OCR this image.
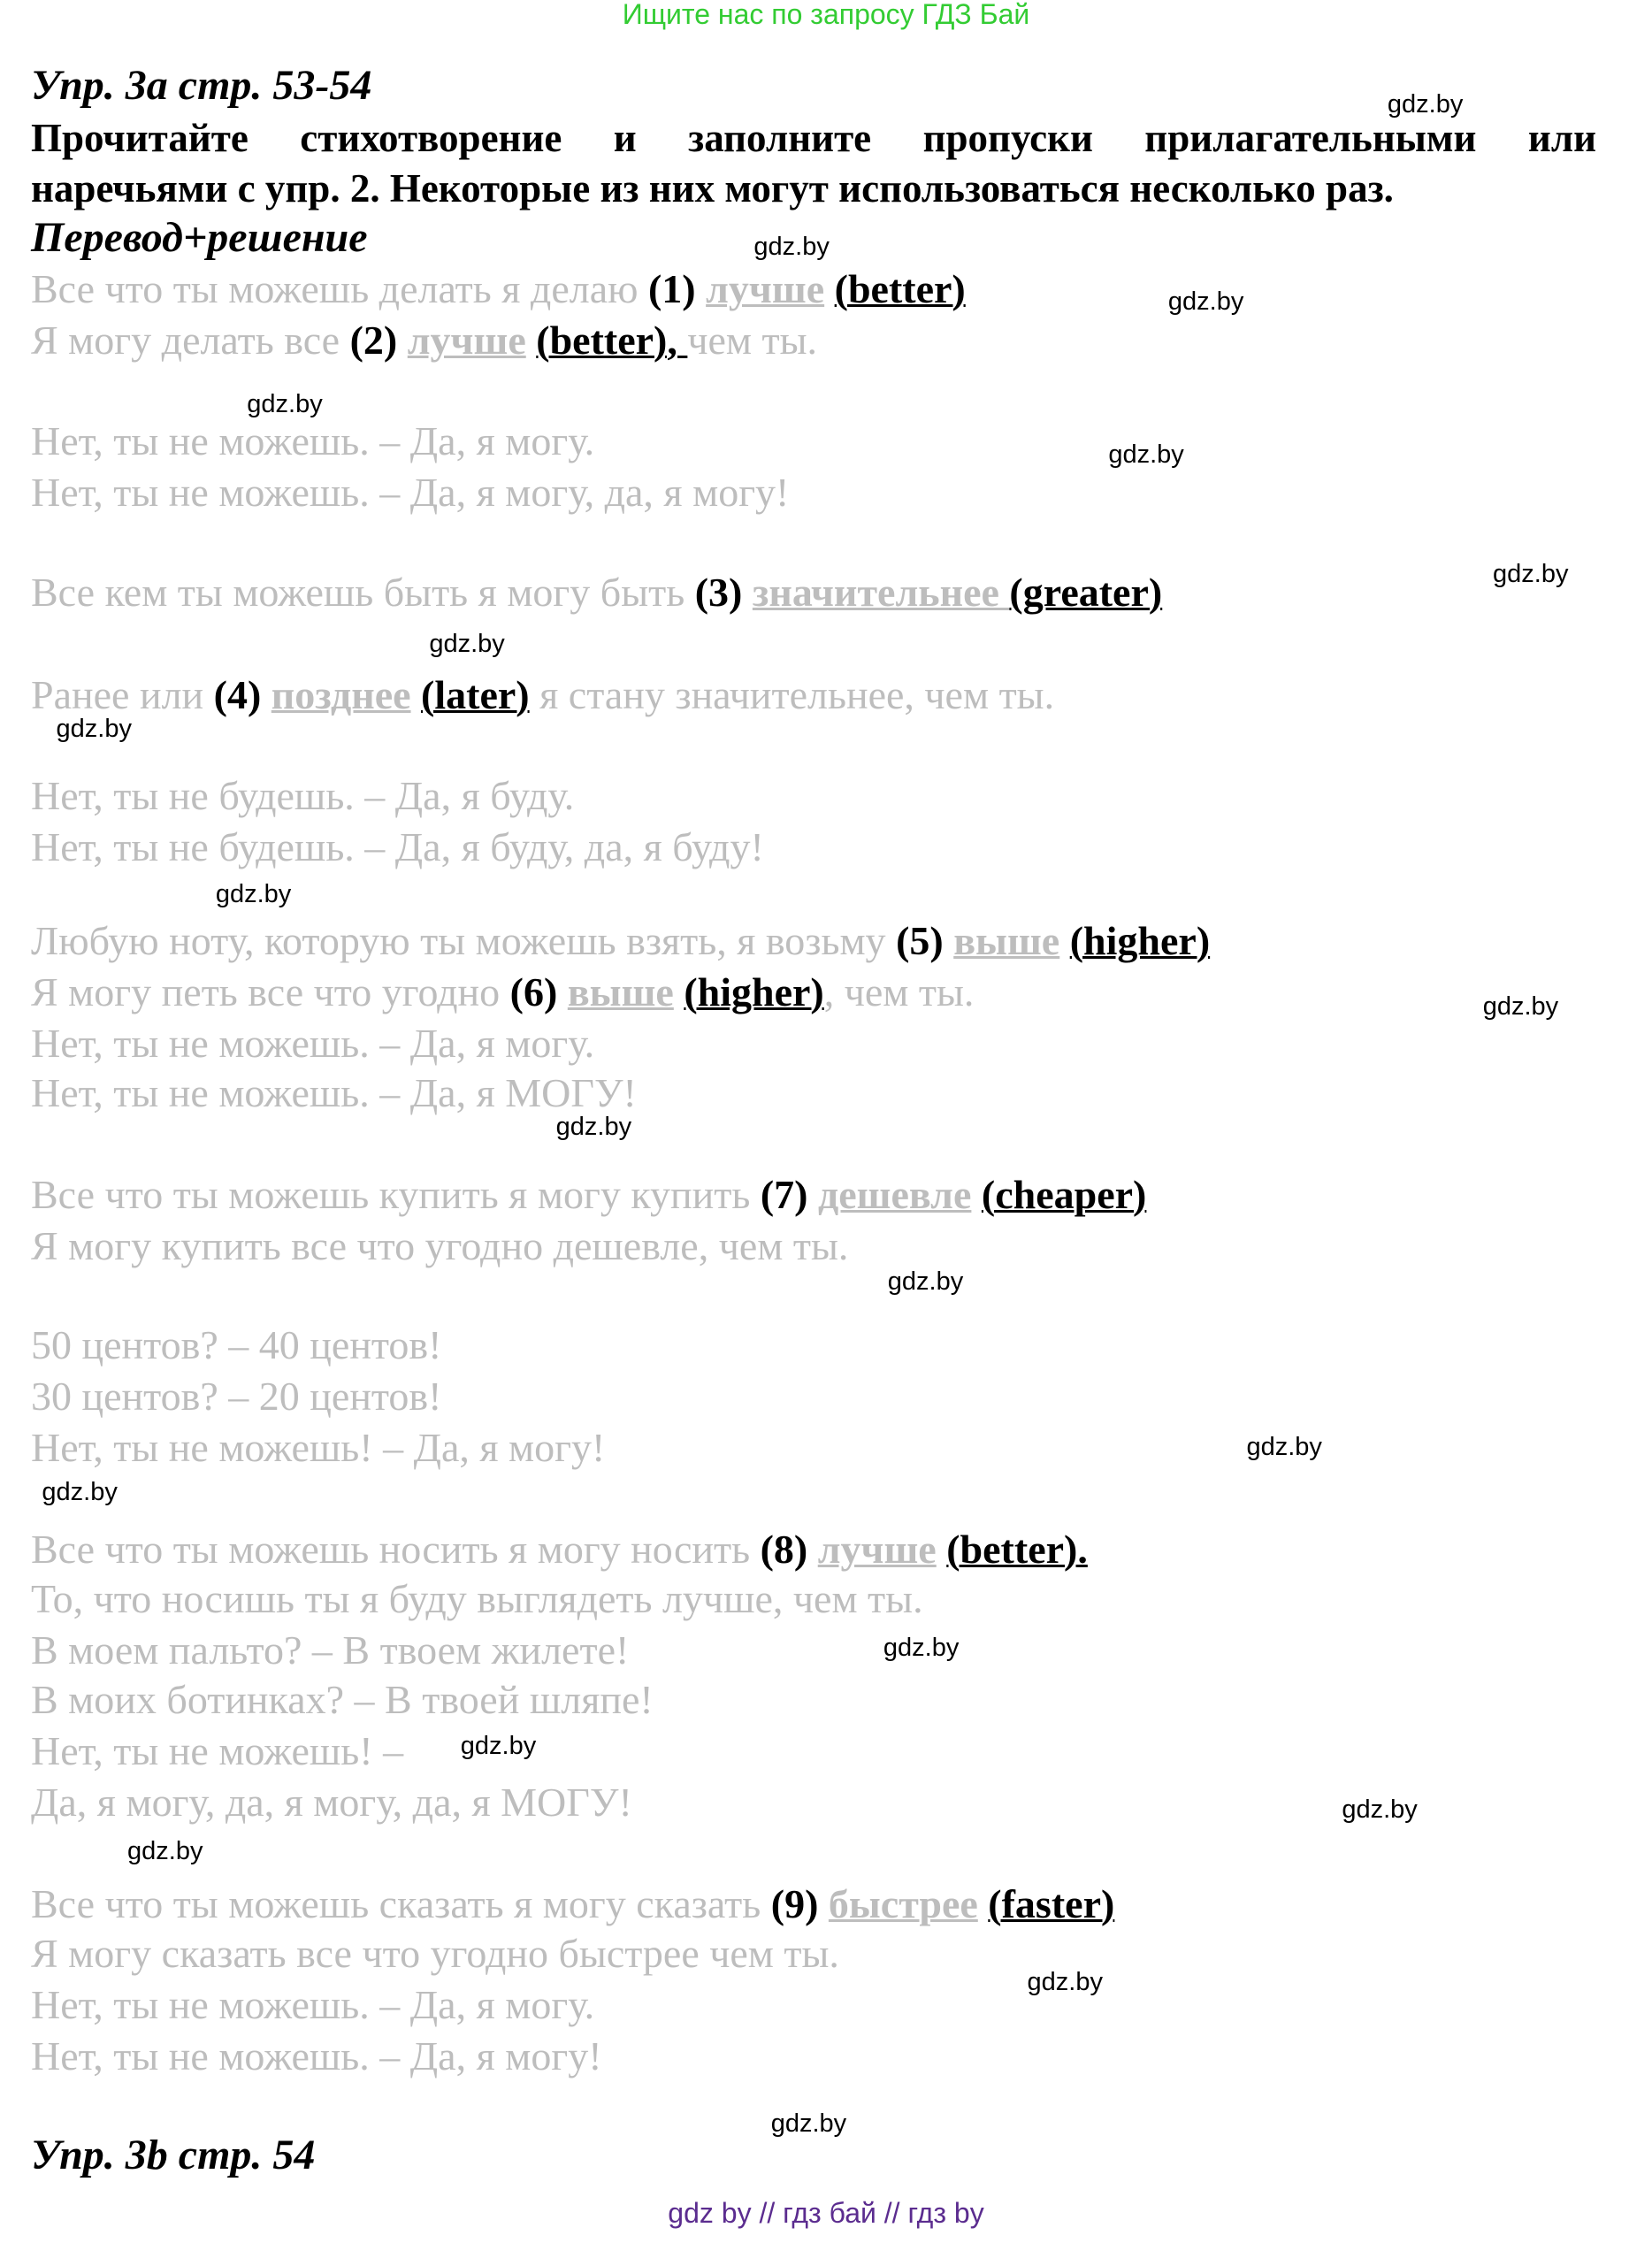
Ищите нас по запросу ГДЗ Бай
Упр. 3а стр. 53-54
Прочитайте стихотворение и заполните пропуски прилагательными или
наречьями с упр. 2. Некоторые из них могут использоваться несколько раз.
Перевод+решение
Все что ты можешь делать я делаю (1) лучше (better)
Я могу делать все (2) лучше (better), чем ты.
Нет, ты не можешь. – Да, я могу.
Нет, ты не можешь. – Да, я могу, да, я могу!
Все кем ты можешь быть я могу быть (3) значительнее (greater)
Ранее или (4) позднее (later) я стану значительнее, чем ты.
Нет, ты не будешь. – Да, я буду.
Нет, ты не будешь. – Да, я буду, да, я буду!
Любую ноту, которую ты можешь взять, я возьму (5) выше (higher)
Я могу петь все что угодно (6) выше (higher), чем ты.
Нет, ты не можешь. – Да, я могу.
Нет, ты не можешь. – Да, я МОГУ!
Все что ты можешь купить я могу купить (7) дешевле (cheaper)
Я могу купить все что угодно дешевле, чем ты.
50 центов? – 40 центов!
30 центов? – 20 центов!
Нет, ты не можешь! – Да, я могу!
Все что ты можешь носить я могу носить (8) лучше (better).
То, что носишь ты я буду выглядеть лучше, чем ты.
В моем пальто? – В твоем жилете!
В моих ботинках? – В твоей шляпе!
Нет, ты не можешь! –
Да, я могу, да, я могу, да, я МОГУ!
Все что ты можешь сказать я могу сказать (9) быстрее (faster)
Я могу сказать все что угодно быстрее чем ты.
Нет, ты не можешь. – Да, я могу.
Нет, ты не можешь. – Да, я могу!
Упр. 3b стр. 54
gdz.by
gdz.by
gdz.by
gdz.by
gdz.by
gdz.by
gdz.by
gdz.by
gdz.by
gdz.by
gdz.by
gdz.by
gdz.by
gdz.by
gdz.by
gdz.by
gdz.by
gdz.by
gdz.by
gdz.by
gdz by // гдз бай // гдз by
